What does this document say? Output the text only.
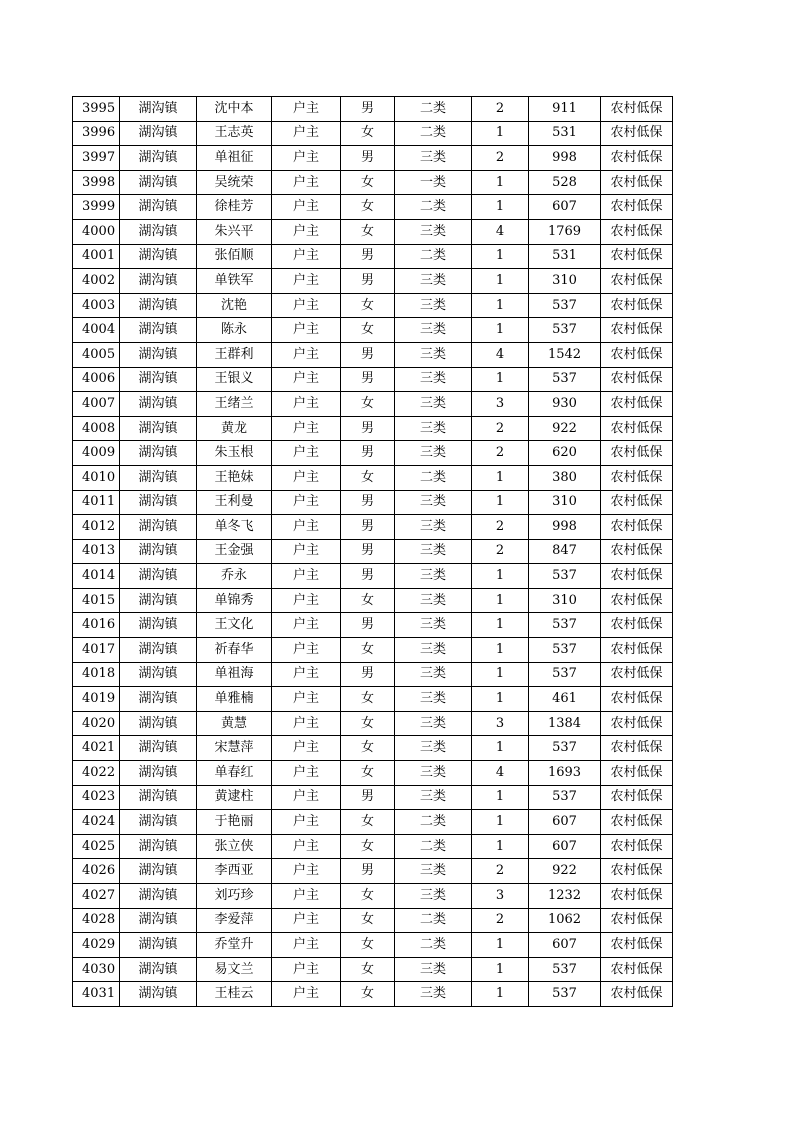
3995	湖沟镇	沈中本	户主	男	二类	2	911	农村低保
3996	湖沟镇	王志英	户主	女	二类	1	531	农村低保
3997	湖沟镇	单祖征	户主	男	三类	2	998	农村低保
3998	湖沟镇	吴统荣	户主	女	一类	1	528	农村低保
3999	湖沟镇	徐桂芳	户主	女	二类	1	607	农村低保
4000	湖沟镇	朱兴平	户主	女	三类	4	1769	农村低保
4001	湖沟镇	张佰顺	户主	男	二类	1	531	农村低保
4002	湖沟镇	单铁军	户主	男	三类	1	310	农村低保
4003	湖沟镇	沈艳	户主	女	三类	1	537	农村低保
4004	湖沟镇	陈永	户主	女	三类	1	537	农村低保
4005	湖沟镇	王群利	户主	男	三类	4	1542	农村低保
4006	湖沟镇	王银义	户主	男	三类	1	537	农村低保
4007	湖沟镇	王绪兰	户主	女	三类	3	930	农村低保
4008	湖沟镇	黄龙	户主	男	三类	2	922	农村低保
4009	湖沟镇	朱玉根	户主	男	三类	2	620	农村低保
4010	湖沟镇	王艳妹	户主	女	二类	1	380	农村低保
4011	湖沟镇	王利曼	户主	男	三类	1	310	农村低保
4012	湖沟镇	单冬飞	户主	男	三类	2	998	农村低保
4013	湖沟镇	王金强	户主	男	三类	2	847	农村低保
4014	湖沟镇	乔永	户主	男	三类	1	537	农村低保
4015	湖沟镇	单锦秀	户主	女	三类	1	310	农村低保
4016	湖沟镇	王文化	户主	男	三类	1	537	农村低保
4017	湖沟镇	祈春华	户主	女	三类	1	537	农村低保
4018	湖沟镇	单祖海	户主	男	三类	1	537	农村低保
4019	湖沟镇	单雅楠	户主	女	三类	1	461	农村低保
4020	湖沟镇	黄慧	户主	女	三类	3	1384	农村低保
4021	湖沟镇	宋慧萍	户主	女	三类	1	537	农村低保
4022	湖沟镇	单春红	户主	女	三类	4	1693	农村低保
4023	湖沟镇	黄逮柱	户主	男	三类	1	537	农村低保
4024	湖沟镇	于艳丽	户主	女	二类	1	607	农村低保
4025	湖沟镇	张立侠	户主	女	二类	1	607	农村低保
4026	湖沟镇	李西亚	户主	男	三类	2	922	农村低保
4027	湖沟镇	刘巧珍	户主	女	三类	3	1232	农村低保
4028	湖沟镇	李爱萍	户主	女	二类	2	1062	农村低保
4029	湖沟镇	乔堂升	户主	女	二类	1	607	农村低保
4030	湖沟镇	易文兰	户主	女	三类	1	537	农村低保
4031	湖沟镇	王桂云	户主	女	三类	1	537	农村低保
